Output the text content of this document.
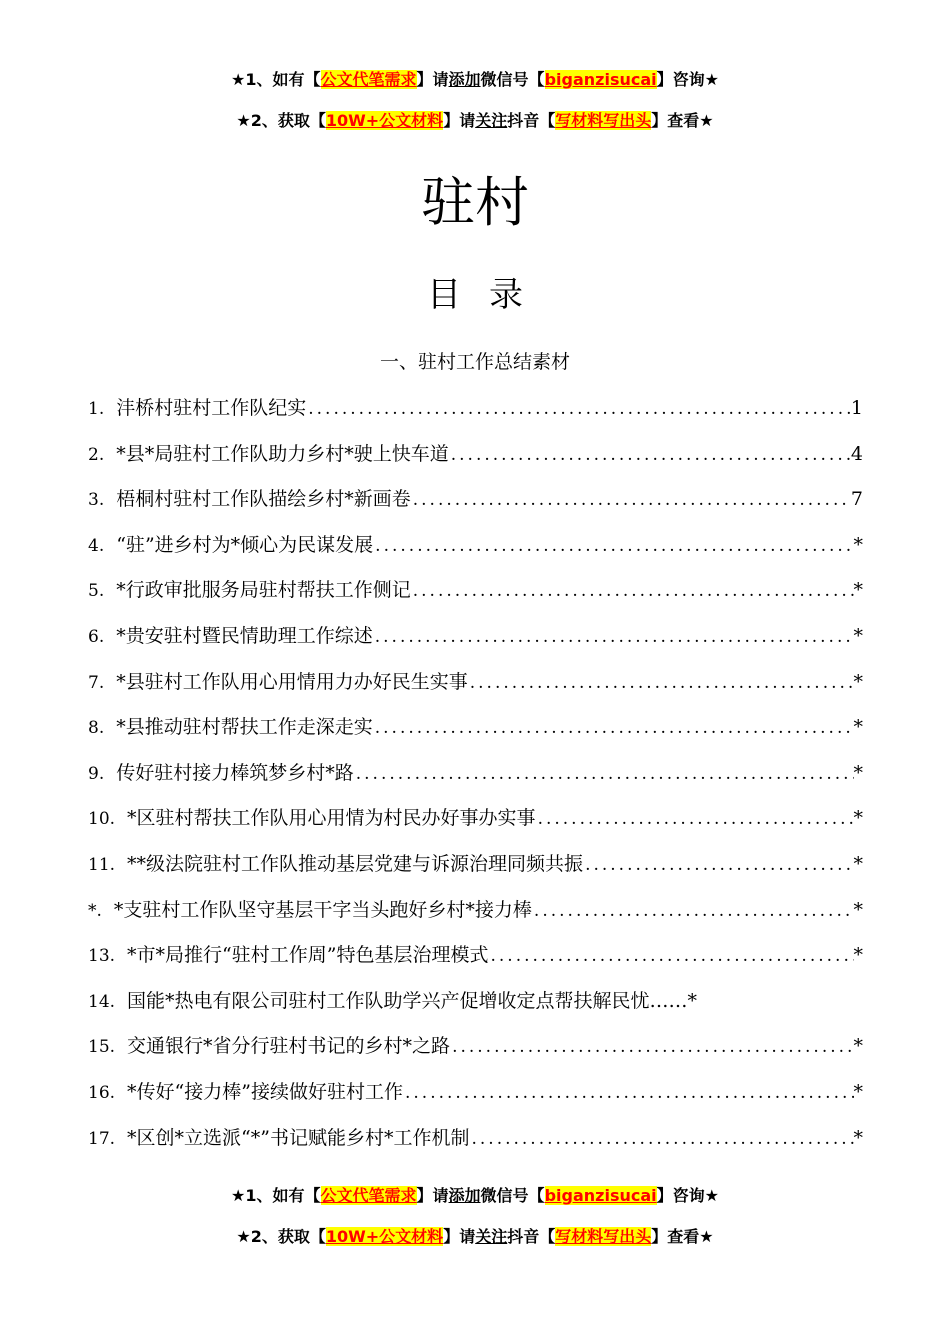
★1、如有【公文代笔需求】请添加微信号【biganzisucai】咨询★
★2、获取【10W+公文材料】请关注抖音【写材料写出头】查看★
驻村
目录
一、驻村工作总结素材
1. 沣桥村驻村工作队纪实 .....	1
2. *县*局驻村工作队助力乡村*驶上快车道 .....	4
3. 梧桐村驻村工作队描绘乡村*新画卷 .....	7
4. “驻”进乡村为*倾心为民谋发展 .....	*
5. *行政审批服务局驻村帮扶工作侧记 .....	*
6. *贵安驻村暨民情助理工作综述 .....	*
7. *县驻村工作队用心用情用力办好民生实事 .....	*
8. *县推动驻村帮扶工作走深走实 .....	*
9. 传好驻村接力棒筑梦乡村*路 .....	*
10. *区驻村帮扶工作队用心用情为村民办好事办实事 .....	*
11. **级法院驻村工作队推动基层党建与诉源治理同频共振 .....	*
*. *支驻村工作队坚守基层干字当头跑好乡村*接力棒 .....	*
13. *市*局推行“驻村工作周”特色基层治理模式 .....	*
14. 国能*热电有限公司驻村工作队助学兴产促增收定点帮扶解民忧……*
15. 交通银行*省分行驻村书记的乡村*之路 .....	*
16. *传好“接力棒”接续做好驻村工作 .....	*
17. *区创*立选派“*”书记赋能乡村*工作机制 .....	*
★1、如有【公文代笔需求】请添加微信号【biganzisucai】咨询★
★2、获取【10W+公文材料】请关注抖音【写材料写出头】查看★
